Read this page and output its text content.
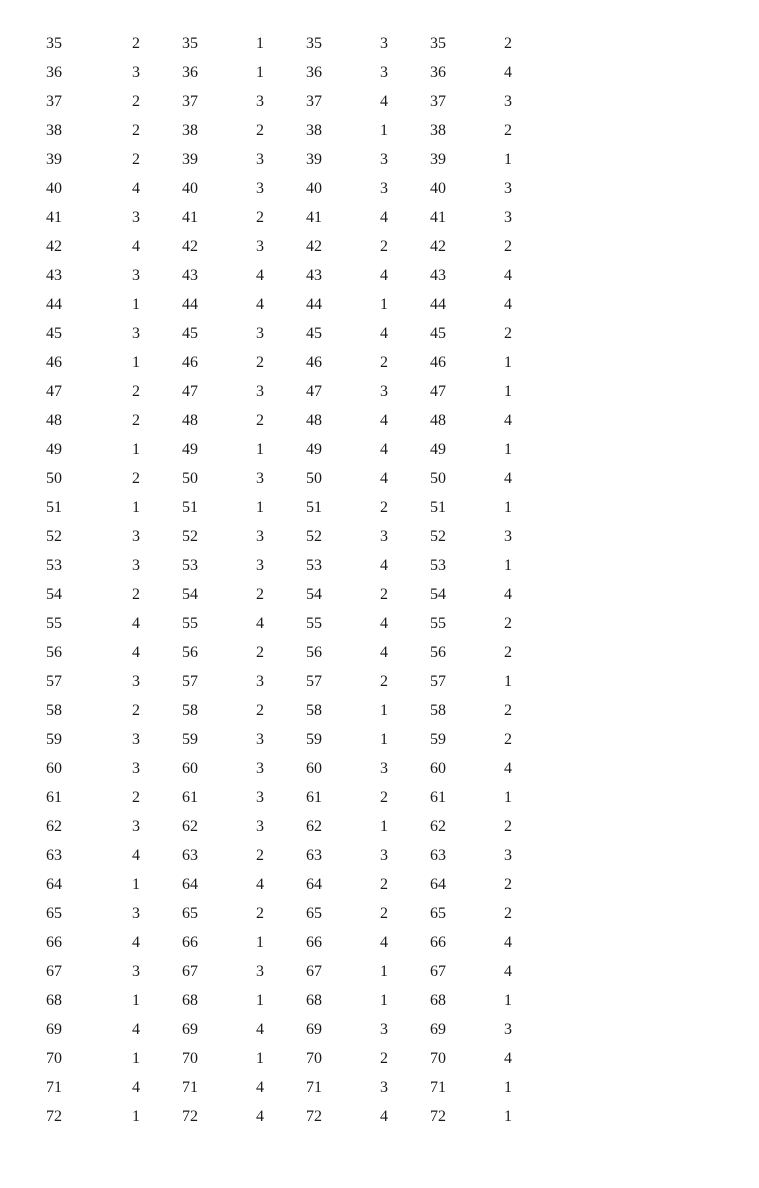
35	2	35	1	35	3	35	2
36	3	36	1	36	3	36	4
37	2	37	3	37	4	37	3
38	2	38	2	38	1	38	2
39	2	39	3	39	3	39	1
40	4	40	3	40	3	40	3
41	3	41	2	41	4	41	3
42	4	42	3	42	2	42	2
43	3	43	4	43	4	43	4
44	1	44	4	44	1	44	4
45	3	45	3	45	4	45	2
46	1	46	2	46	2	46	1
47	2	47	3	47	3	47	1
48	2	48	2	48	4	48	4
49	1	49	1	49	4	49	1
50	2	50	3	50	4	50	4
51	1	51	1	51	2	51	1
52	3	52	3	52	3	52	3
53	3	53	3	53	4	53	1
54	2	54	2	54	2	54	4
55	4	55	4	55	4	55	2
56	4	56	2	56	4	56	2
57	3	57	3	57	2	57	1
58	2	58	2	58	1	58	2
59	3	59	3	59	1	59	2
60	3	60	3	60	3	60	4
61	2	61	3	61	2	61	1
62	3	62	3	62	1	62	2
63	4	63	2	63	3	63	3
64	1	64	4	64	2	64	2
65	3	65	2	65	2	65	2
66	4	66	1	66	4	66	4
67	3	67	3	67	1	67	4
68	1	68	1	68	1	68	1
69	4	69	4	69	3	69	3
70	1	70	1	70	2	70	4
71	4	71	4	71	3	71	1
72	1	72	4	72	4	72	1
